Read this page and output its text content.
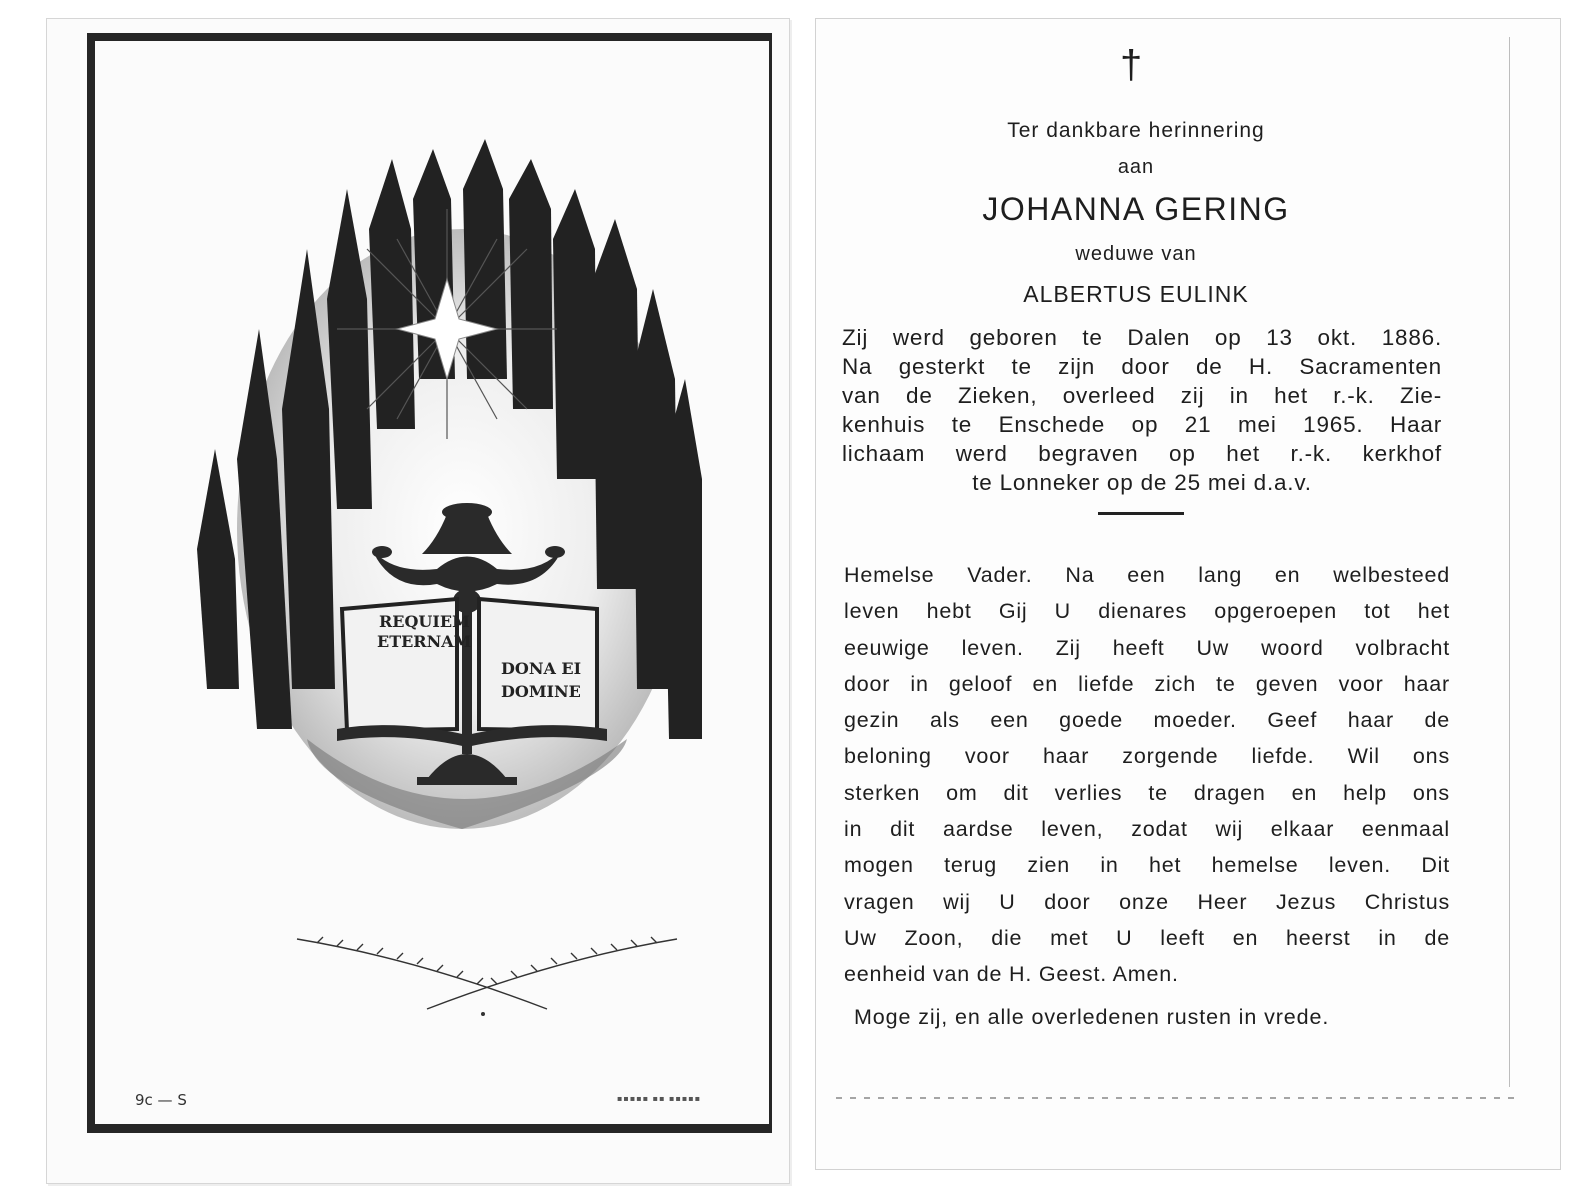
REQUIEM
ETERNAM
DONA EI
DOMINE
9c — S	▪▪▪▪▪ ▪▪ ▪▪▪▪▪
†
Ter dankbare herinnering
aan
JOHANNA GERING
weduwe van
ALBERTUS EULINK
Zij werd geboren te Dalen op 13 okt. 1886.
Na gesterkt te zijn door de H. Sacramenten
van de Zieken, overleed zij in het r.-k. Zie-
kenhuis te Enschede op 21 mei 1965. Haar
lichaam werd begraven op het r.-k. kerkhof
te Lonneker op de 25 mei d.a.v.
Hemelse Vader. Na een lang en welbesteed
leven hebt Gij U dienares opgeroepen tot het
eeuwige leven. Zij heeft Uw woord volbracht
door in geloof en liefde zich te geven voor haar
gezin als een goede moeder. Geef haar de
beloning voor haar zorgende liefde. Wil ons
sterken om dit verlies te dragen en help ons
in dit aardse leven, zodat wij elkaar eenmaal
mogen terug zien in het hemelse leven. Dit
vragen wij U door onze Heer Jezus Christus
Uw Zoon, die met U leeft en heerst in de
eenheid van de H. Geest. Amen.
Moge zij, en alle overledenen rusten in vrede.
